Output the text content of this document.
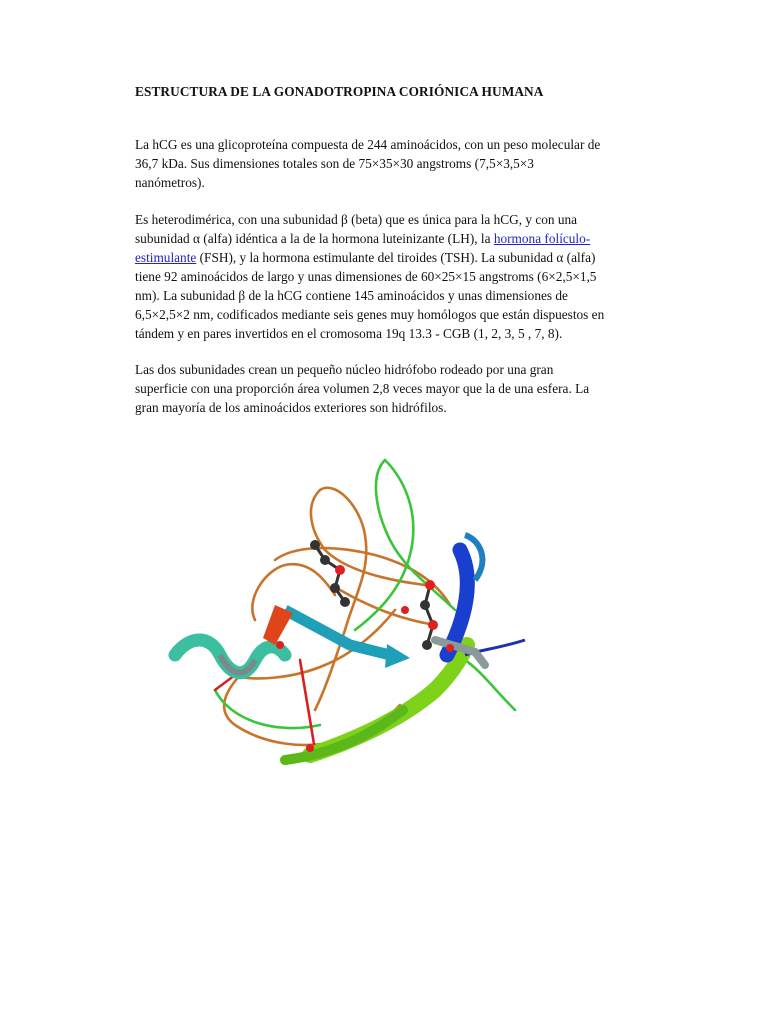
ESTRUCTURA DE LA GONADOTROPINA CORIÓNICA HUMANA
La hCG es una glicoproteína compuesta de 244 aminoácidos, con un peso molecular de
36,7 kDa. Sus dimensiones totales son de 75×35×30 angstroms (7,5×3,5×3
nanómetros).
Es heterodimérica, con una subunidad β (beta) que es única para la hCG, y con una
subunidad α (alfa) idéntica a la de la hormona luteinizante (LH), la hormona folículo-
estimulante (FSH), y la hormona estimulante del tiroides (TSH). La subunidad α (alfa)
tiene 92 aminoácidos de largo y unas dimensiones de 60×25×15 angstroms (6×2,5×1,5
nm). La subunidad β de la hCG contiene 145 aminoácidos y unas dimensiones de
6,5×2,5×2 nm, codificados mediante seis genes muy homólogos que están dispuestos en
tándem y en pares invertidos en el cromosoma 19q 13.3 - CGB (1, 2, 3, 5 , 7, 8).
Las dos subunidades crean un pequeño núcleo hidrófobo rodeado por una gran
superficie con una proporción área volumen 2,8 veces mayor que la de una esfera. La
gran mayoría de los aminoácidos exteriores son hidrófilos.
